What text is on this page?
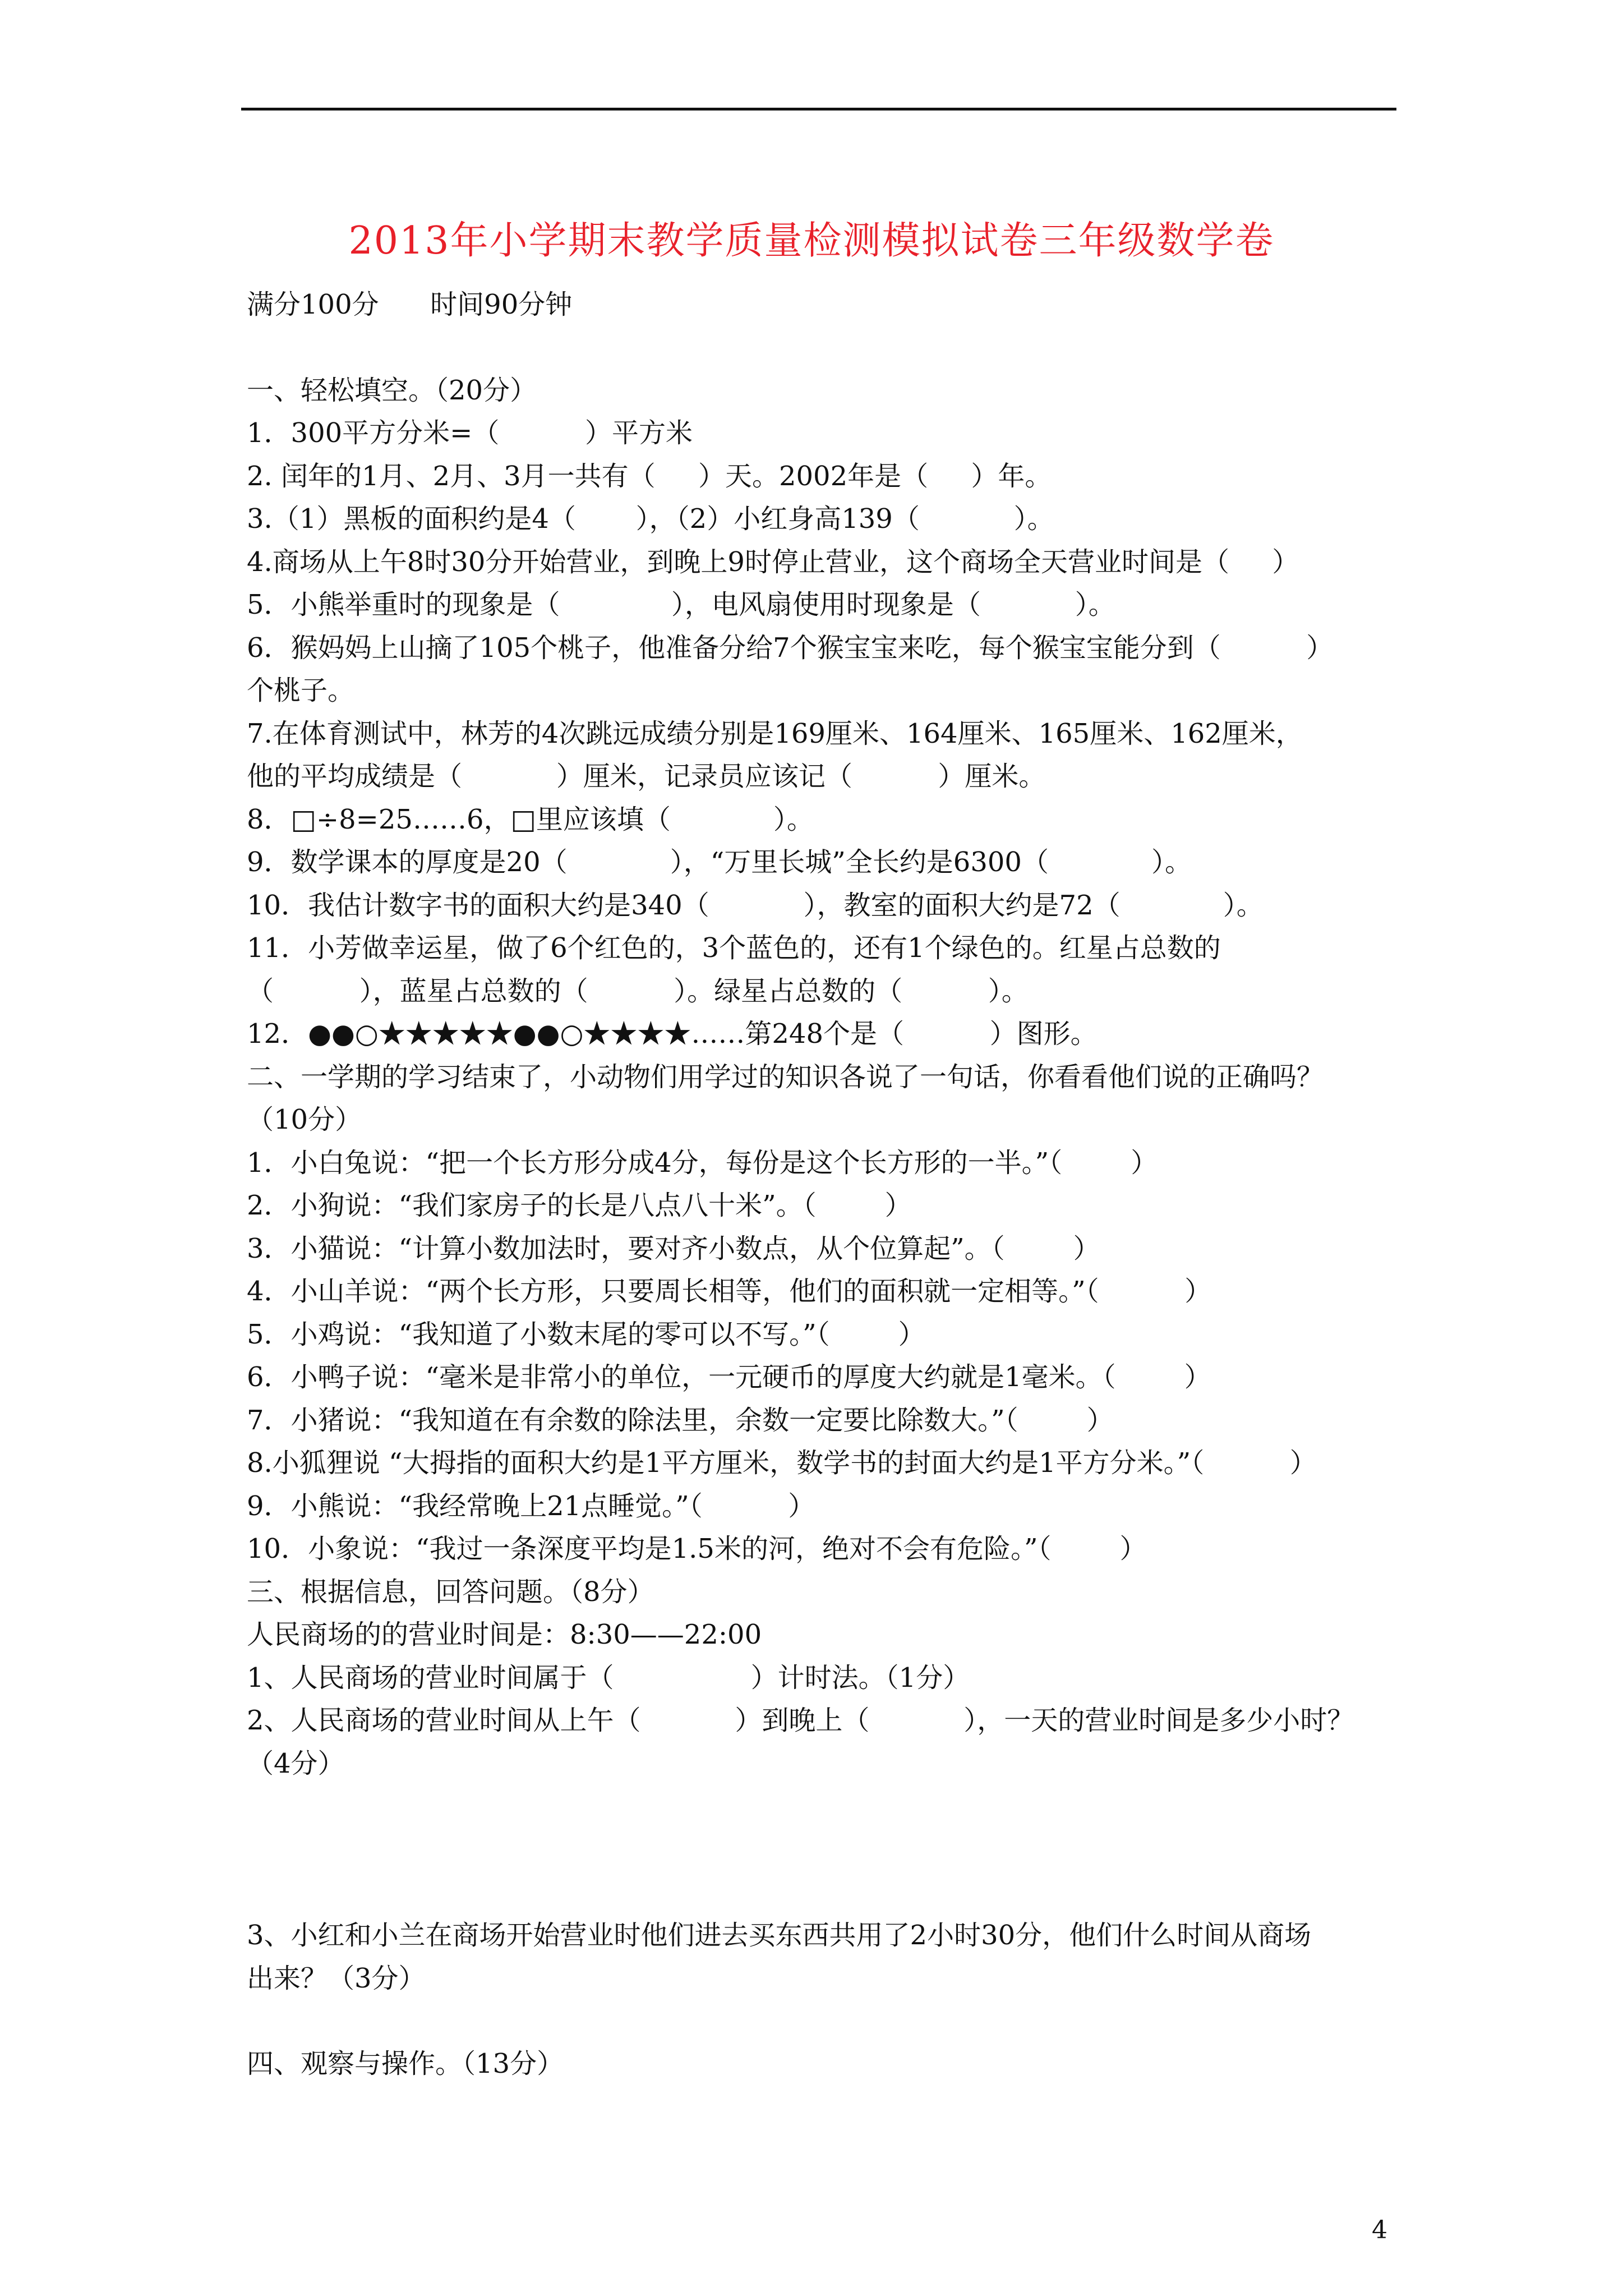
2013年小学期末教学质量检测模拟试卷三年级数学卷
满分100分      时间90分钟
一、轻松填空。（20分）
1．300平方分米=（          ）平方米
2. 闰年的1月、2月、3月一共有（     ）天。2002年是（     ）年。
3.（1）黑板的面积约是4（       ），（2）小红身高139（           ）。
4.商场从上午8时30分开始营业，到晚上9时停止营业，这个商场全天营业时间是（     ）
5．小熊举重时的现象是（             ），电风扇使用时现象是（           ）。
6．猴妈妈上山摘了105个桃子，他准备分给7个猴宝宝来吃，每个猴宝宝能分到（          ）
个桃子。
7.在体育测试中，林芳的4次跳远成绩分别是169厘米、164厘米、165厘米、162厘米，
他的平均成绩是（           ）厘米，记录员应该记（          ）厘米。
8．□÷8=25……6，□里应该填（            ）。
9．数学课本的厚度是20（            ），“万里长城”全长约是6300（            ）。
10．我估计数字书的面积大约是340（           ），教室的面积大约是72（            ）。
11．小芳做幸运星，做了6个红色的，3个蓝色的，还有1个绿色的。红星占总数的
（          ），蓝星占总数的（          ）。绿星占总数的（          ）。
12．●●○★★★★★●●○★★★★……第248个是（          ）图形。
二、一学期的学习结束了，小动物们用学过的知识各说了一句话，你看看他们说的正确吗？
（10分）
1．小白兔说：“把一个长方形分成4分，每份是这个长方形的一半。”（        ）
2．小狗说：“我们家房子的长是八点八十米”。（        ）
3．小猫说：“计算小数加法时，要对齐小数点，从个位算起”。（        ）
4．小山羊说：“两个长方形，只要周长相等，他们的面积就一定相等。”（          ）
5．小鸡说：“我知道了小数末尾的零可以不写。”（        ）
6．小鸭子说：“毫米是非常小的单位，一元硬币的厚度大约就是1毫米。（        ）
7．小猪说：“我知道在有余数的除法里，余数一定要比除数大。”（        ）
8.小狐狸说 “大拇指的面积大约是1平方厘米，数学书的封面大约是1平方分米。”（          ）
9．小熊说：“我经常晚上21点睡觉。”（          ）
10．小象说：“我过一条深度平均是1.5米的河，绝对不会有危险。”（        ）
三、根据信息，回答问题。（8分）
人民商场的的营业时间是：8:30——22:00
1、人民商场的营业时间属于（                ）计时法。（1分）
2、人民商场的营业时间从上午（           ）到晚上（           ），一天的营业时间是多少小时？
（4分）
3、小红和小兰在商场开始营业时他们进去买东西共用了2小时30分，他们什么时间从商场
出来？（3分）
四、观察与操作。（13分）
4
